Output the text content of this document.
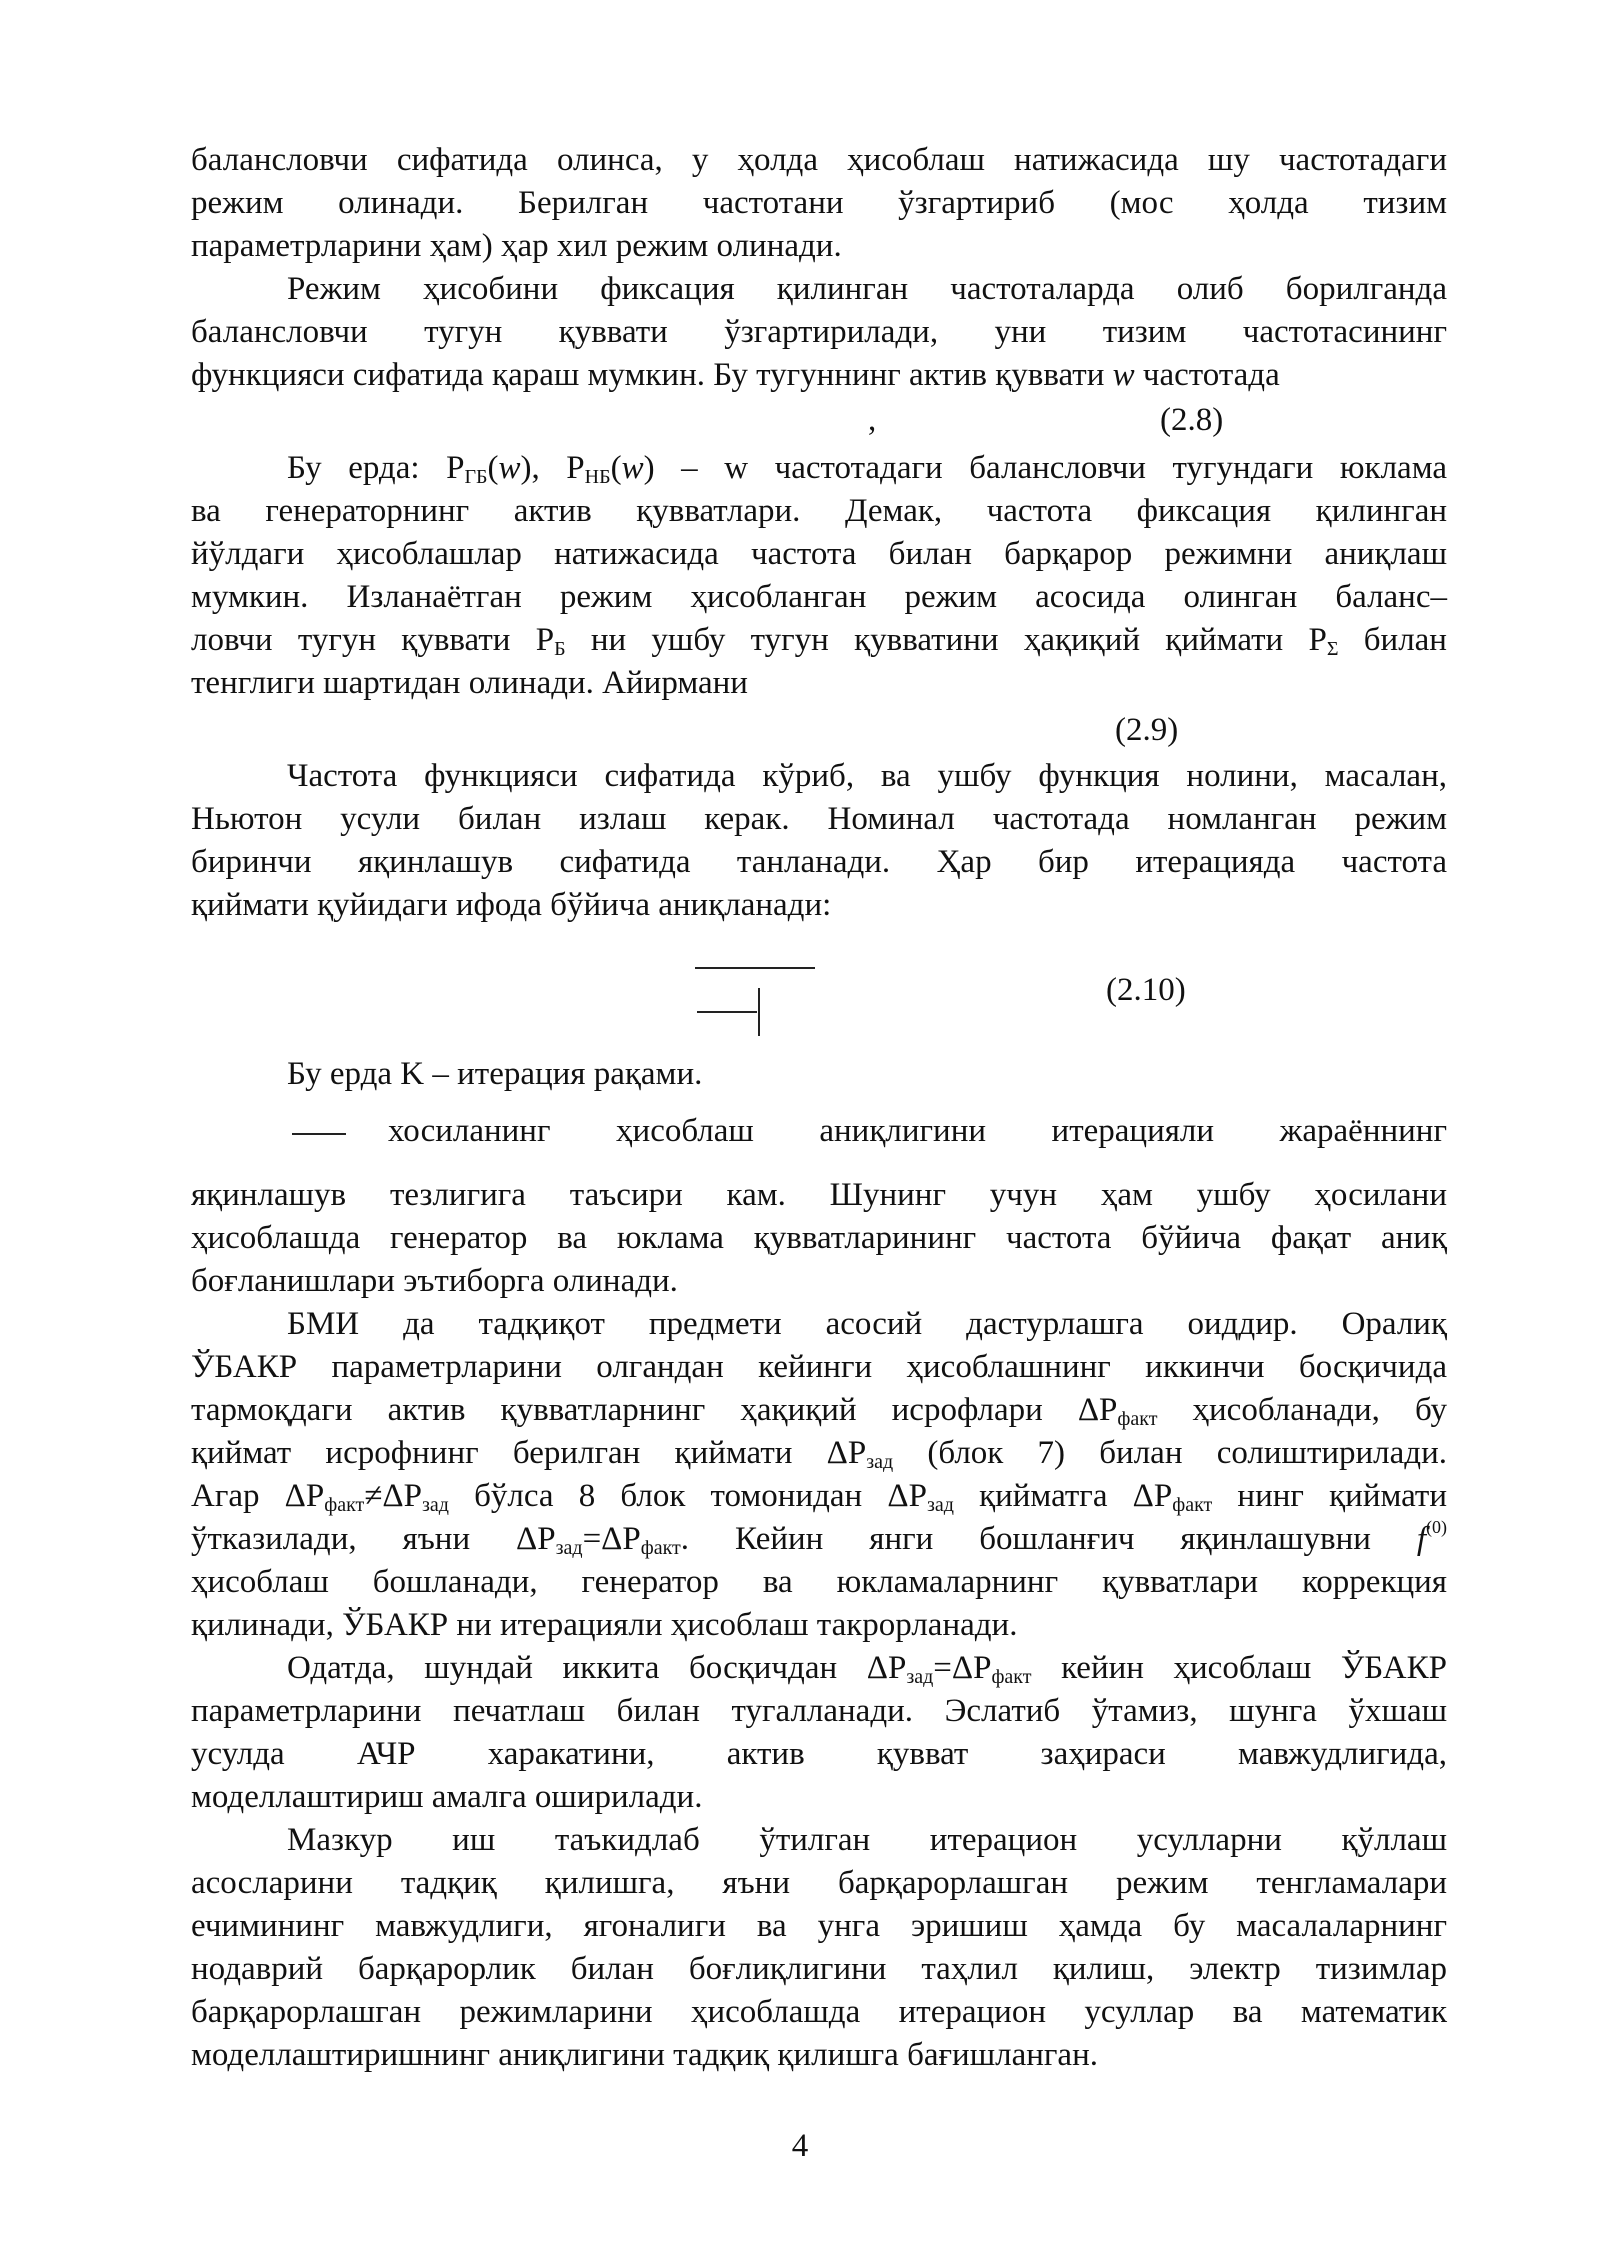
балансловчи сифатида олинса, у ҳолда ҳисоблаш натижасида шу частотадаги
режим олинади. Берилган частотани ўзгартириб (мос ҳолда тизим
параметрларини ҳам) ҳар хил режим олинади.
Режим ҳисобини фиксация қилинган частоталарда олиб борилганда
балансловчи тугун қуввати ўзгартирилади, уни тизим частотасининг
функцияси сифатида қараш мумкин. Бу тугуннинг актив қуввати w частотада
,	(2.8)
Бу ерда: $P_{ГБ}(w)$, $P_{НБ}(w)$ – w частотадаги балансловчи тугундаги юклама
ва генераторнинг актив қувватлари. Демак, частота фиксация қилинган
йўлдаги ҳисоблашлар натижасида частота билан барқарор режимни аниқлаш
мумкин. Изланаётган режим ҳисобланган режим асосида олинган баланс–
ловчи тугун қуввати $P_Б$ ни ушбу тугун қувватини ҳақиқий қиймати $P_\Sigma$ билан
тенглиги шартидан олинади. Айирмани
(2.9)
Частота функцияси сифатида кўриб, ва ушбу функция нолини, масалан,
Ньютон усули билан излаш керак. Номинал частотада номланган режим
биринчи яқинлашув сифатида танланади. Ҳар бир итерацияда частота
қиймати қуйидаги ифода бўйича аниқланади:
(2.10)
Бу ерда K – итерация рақами.
хосиланинг ҳисоблаш аниқлигини итерацияли жараённинг
яқинлашув тезлигига таъсири кам. Шунинг учун ҳам ушбу ҳосилани
ҳисоблашда генератор ва юклама қувватларининг частота бўйича фақат аниқ
боғланишлари эътиборга олинади.
БМИ да тадқиқот предмети асосий дастурлашга оиддир. Оралиқ
ЎБАКР параметрларини олгандан кейинги ҳисоблашнинг иккинчи босқичида
тармоқдаги актив қувватларнинг ҳақиқий исрофлари $\Delta P_{факт}$ ҳисобланади, бу
қиймат исрофнинг берилган қиймати $\Delta P_{зад}$ (блок 7) билан солиштирилади.
Агар $\Delta P_{факт}\ne\Delta P_{зад}$ бўлса 8 блок томонидан $\Delta P_{зад}$ қийматга $\Delta P_{факт}$ нинг қиймати
ўтказилади, яъни $\Delta P_{зад}=\Delta P_{факт}$. Кейин янги бошланғич яқинлашувни $f^{(0)}$
ҳисоблаш бошланади, генератор ва юкламаларнинг қувватлари коррекция
қилинади, ЎБАКР ни итерацияли ҳисоблаш такрорланади.
Одатда, шундай иккита босқичдан $\Delta P_{зад}=\Delta P_{факт}$ кейин ҳисоблаш ЎБАКР
параметрларини печатлаш билан тугалланади. Эслатиб ўтамиз, шунга ўхшаш
усулда АЧР харакатини, актив қувват заҳираси мавжудлигида,
моделлаштириш амалга оширилади.
Мазкур иш таъкидлаб ўтилган итерацион усулларни қўллаш
асосларини тадқиқ қилишга, яъни барқарорлашган режим тенгламалари
ечимининг мавжудлиги, ягоналиги ва унга эришиш ҳамда бу масалаларнинг
нодаврий барқарорлик билан боғлиқлигини таҳлил қилиш, электр тизимлар
барқарорлашган режимларини ҳисоблашда итерацион усуллар ва математик
моделлаштиришнинг аниқлигини тадқиқ қилишга бағишланган.
4
